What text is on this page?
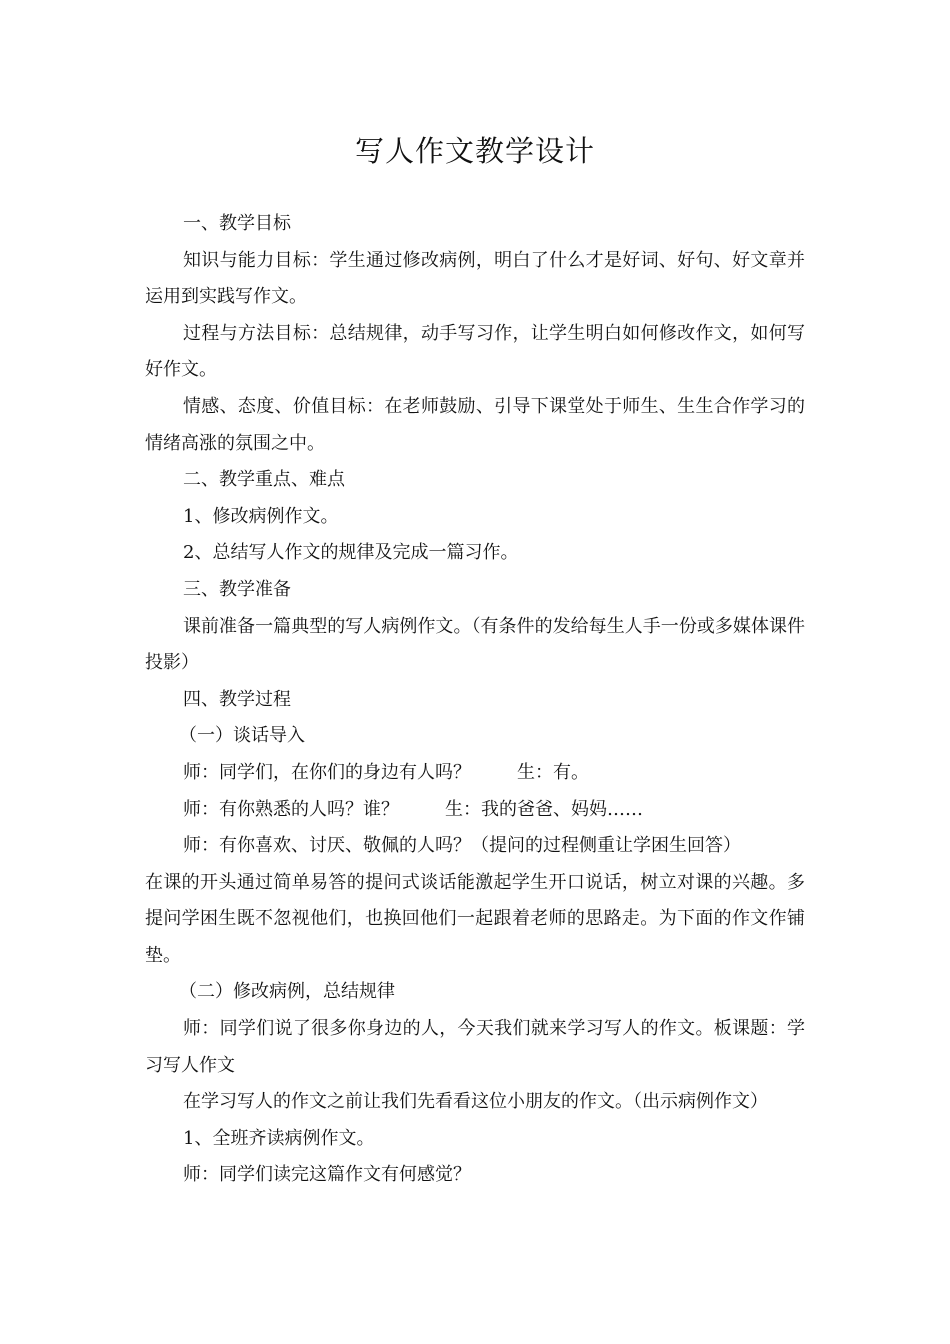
写人作文教学设计

一、教学目标

知识与能力目标：学生通过修改病例，明白了什么才是好词、好句、好文章并运用到实践写作文。

过程与方法目标：总结规律，动手写习作，让学生明白如何修改作文，如何写好作文。

情感、态度、价值目标：在老师鼓励、引导下课堂处于师生、生生合作学习的情绪高涨的氛围之中。

二、教学重点、难点

1、修改病例作文。

2、总结写人作文的规律及完成一篇习作。

三、教学准备

课前准备一篇典型的写人病例作文。（有条件的发给每生人手一份或多媒体课件投影）

四、教学过程

（一）谈话导入

师：同学们，在你们的身边有人吗？	生：有。

师：有你熟悉的人吗？谁？	生：我的爸爸、妈妈……

师：有你喜欢、讨厌、敬佩的人吗？（提问的过程侧重让学困生回答）

在课的开头通过简单易答的提问式谈话能激起学生开口说话，树立对课的兴趣。多提问学困生既不忽视他们，也换回他们一起跟着老师的思路走。为下面的作文作铺垫。

（二）修改病例，总结规律

师：同学们说了很多你身边的人，今天我们就来学习写人的作文。板课题：学习写人作文

在学习写人的作文之前让我们先看看这位小朋友的作文。（出示病例作文）

1、全班齐读病例作文。

师：同学们读完这篇作文有何感觉？
